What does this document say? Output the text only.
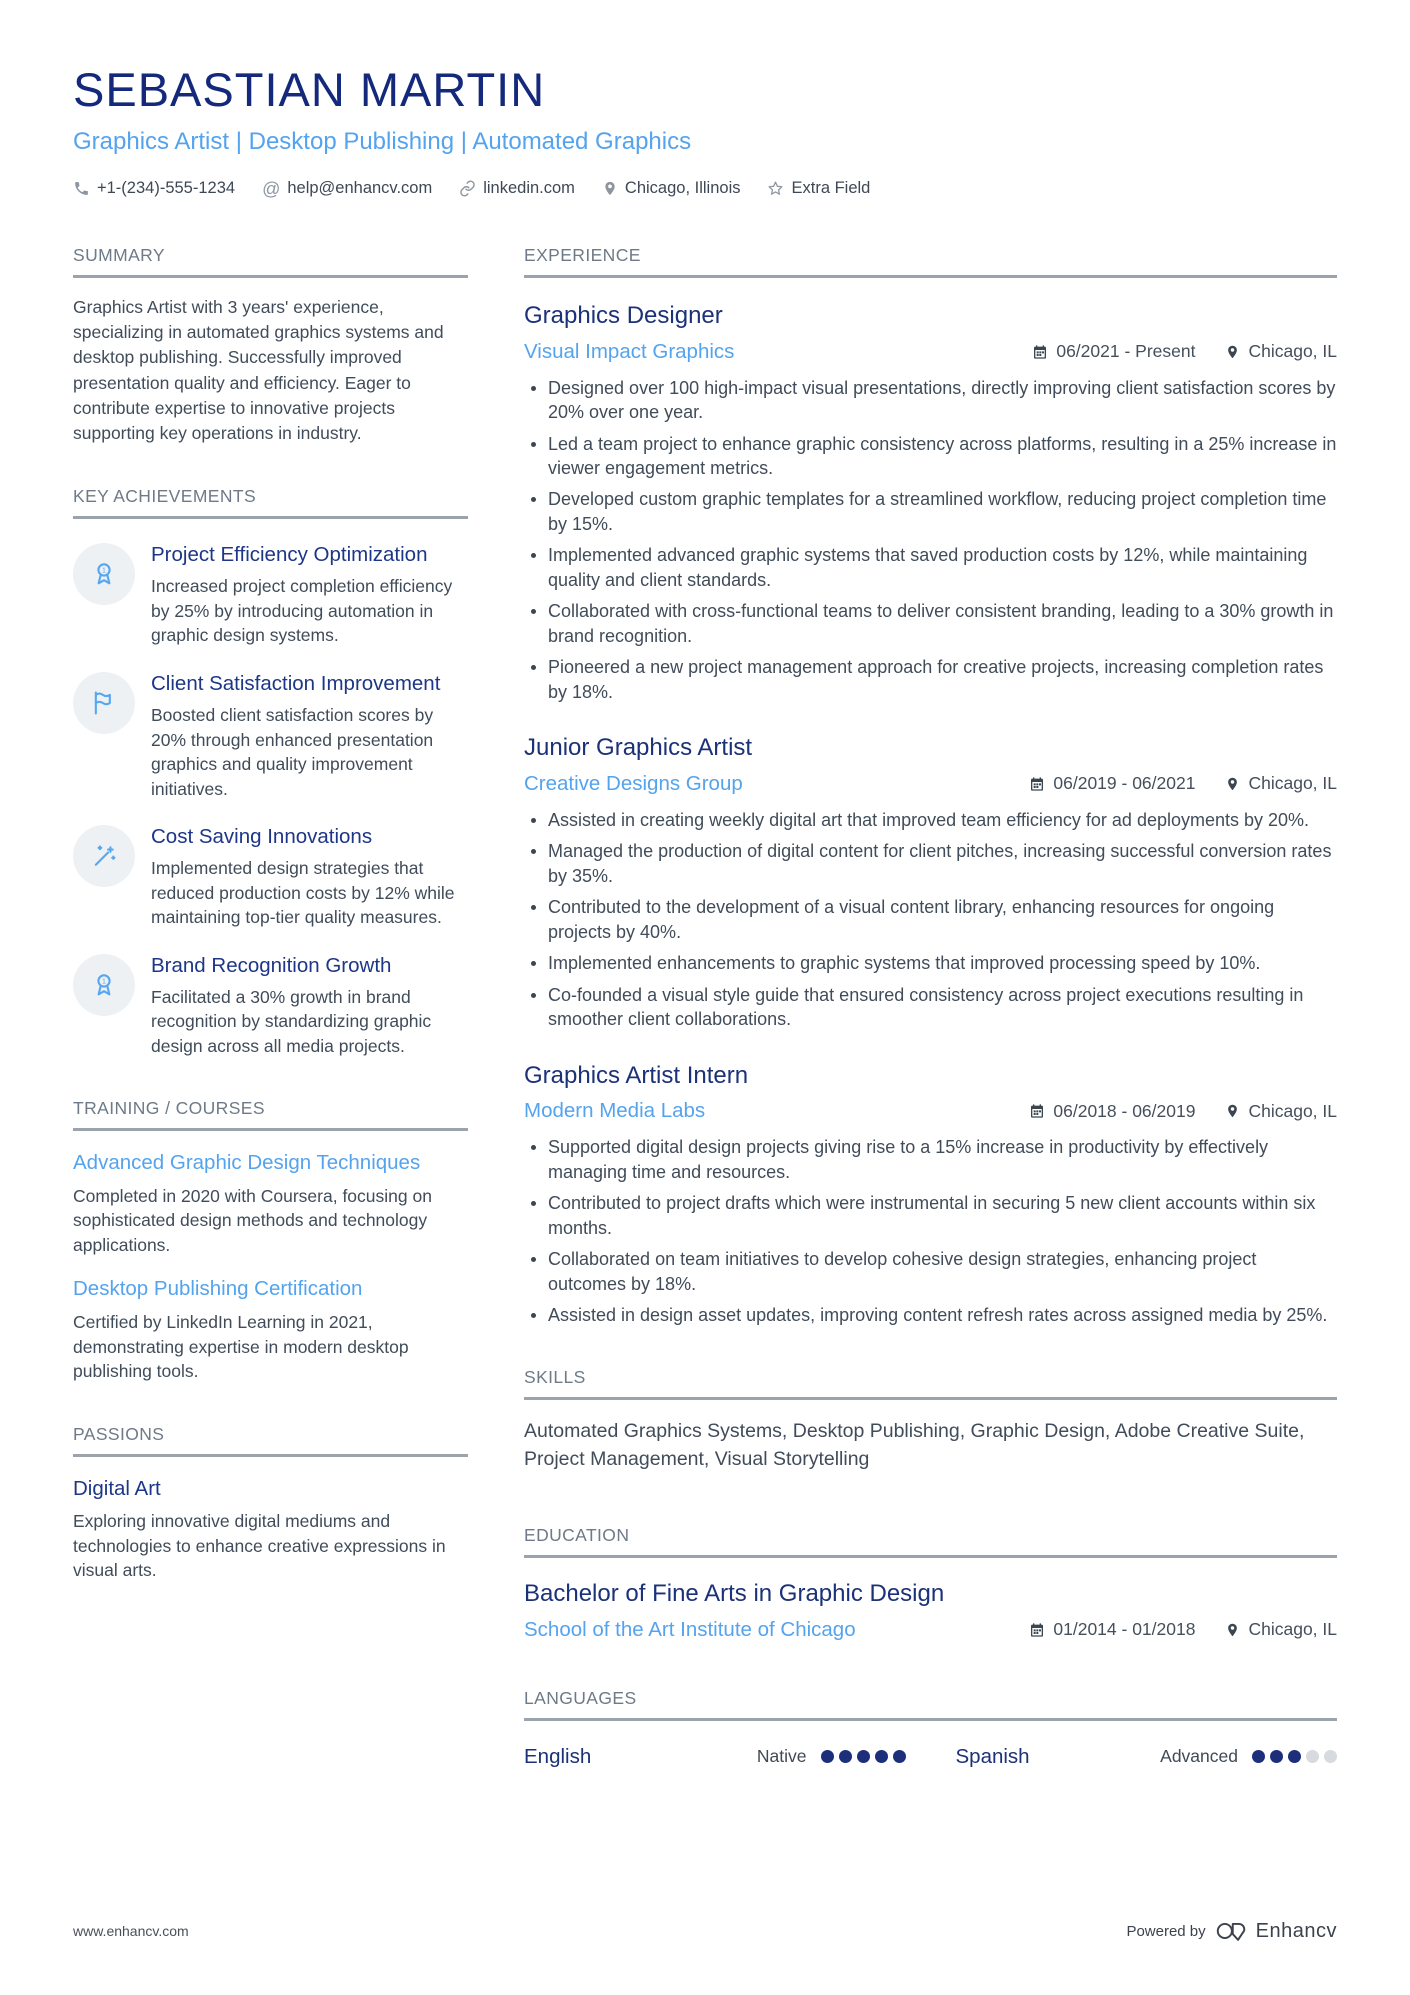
SEBASTIAN MARTIN
Graphics Artist | Desktop Publishing | Automated Graphics
+1-(234)-555-1234 @ help@enhancv.com	linkedin.com	Chicago, Illinois	Extra Field
SUMMARY
Graphics Artist with 3 years' experience, specializing in automated graphics systems and desktop publishing. Successfully improved presentation quality and efficiency. Eager to contribute expertise to innovative projects supporting key operations in industry.
KEY ACHIEVEMENTS
1
Project Efficiency Optimization
Increased project completion efficiency by 25% by introducing automation in graphic design systems.
Client Satisfaction Improvement
Boosted client satisfaction scores by 20% through enhanced presentation graphics and quality improvement initiatives.
Cost Saving Innovations
Implemented design strategies that reduced production costs by 12% while maintaining top-tier quality measures.
1
Brand Recognition Growth
Facilitated a 30% growth in brand recognition by standardizing graphic design across all media projects.
TRAINING / COURSES
Advanced Graphic Design Techniques
Completed in 2020 with Coursera, focusing on sophisticated design methods and technology applications.
Desktop Publishing Certification
Certified by LinkedIn Learning in 2021, demonstrating expertise in modern desktop publishing tools.
PASSIONS
Digital Art
Exploring innovative digital mediums and technologies to enhance creative expressions in visual arts.
EXPERIENCE
Graphics Designer
Visual Impact Graphics	06/2021 - Present	Chicago, IL
Designed over 100 high-impact visual presentations, directly improving client satisfaction scores by 20% over one year.
Led a team project to enhance graphic consistency across platforms, resulting in a 25% increase in viewer engagement metrics.
Developed custom graphic templates for a streamlined workflow, reducing project completion time by 15%.
Implemented advanced graphic systems that saved production costs by 12%, while maintaining quality and client standards.
Collaborated with cross-functional teams to deliver consistent branding, leading to a 30% growth in brand recognition.
Pioneered a new project management approach for creative projects, increasing completion rates by 18%.
Junior Graphics Artist
Creative Designs Group	06/2019 - 06/2021	Chicago, IL
Assisted in creating weekly digital art that improved team efficiency for ad deployments by 20%.
Managed the production of digital content for client pitches, increasing successful conversion rates by 35%.
Contributed to the development of a visual content library, enhancing resources for ongoing projects by 40%.
Implemented enhancements to graphic systems that improved processing speed by 10%.
Co-founded a visual style guide that ensured consistency across project executions resulting in smoother client collaborations.
Graphics Artist Intern
Modern Media Labs	06/2018 - 06/2019	Chicago, IL
Supported digital design projects giving rise to a 15% increase in productivity by effectively managing time and resources.
Contributed to project drafts which were instrumental in securing 5 new client accounts within six months.
Collaborated on team initiatives to develop cohesive design strategies, enhancing project outcomes by 18%.
Assisted in design asset updates, improving content refresh rates across assigned media by 25%.
SKILLS
Automated Graphics Systems, Desktop Publishing, Graphic Design, Adobe Creative Suite, Project Management, Visual Storytelling
EDUCATION
Bachelor of Fine Arts in Graphic Design
School of the Art Institute of Chicago	01/2014 - 01/2018	Chicago, IL
LANGUAGES
English	Native	Spanish	Advanced
www.enhancv.com	Powered by	Enhancv
